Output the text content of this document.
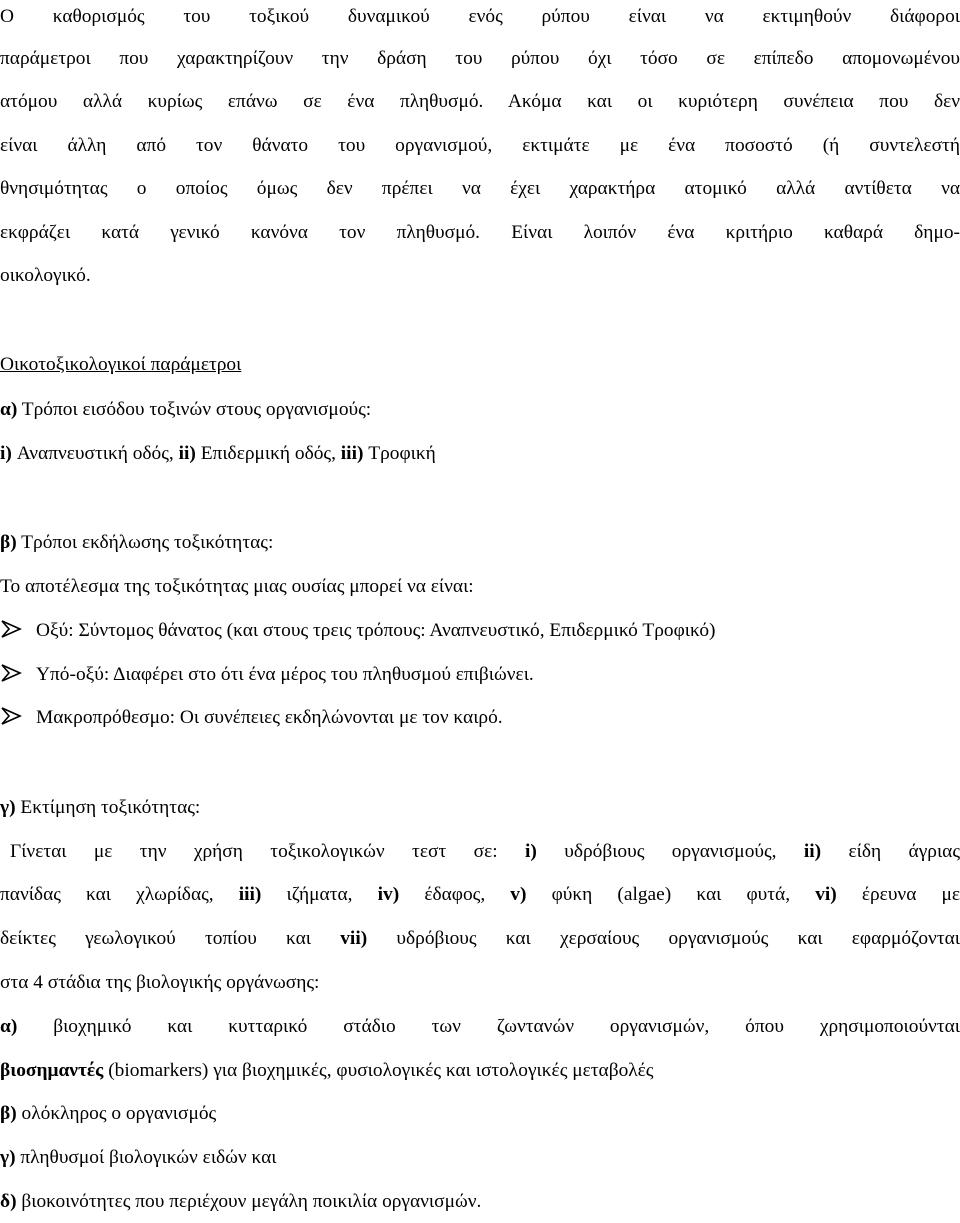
Ο καθορισμός του τοξικού δυναμικού ενός ρύπου είναι να εκτιμηθούν διάφοροι
παράμετροι που χαρακτηρίζουν την δράση του ρύπου όχι τόσο σε επίπεδο απομονωμένου
ατόμου αλλά κυρίως επάνω σε ένα πληθυσμό. Ακόμα και οι κυριότερη συνέπεια που δεν
είναι άλλη από τον θάνατο του οργανισμού, εκτιμάτε με ένα ποσοστό (ή συντελεστή
θνησιμότητας ο οποίος όμως δεν πρέπει να έχει χαρακτήρα ατομικό αλλά αντίθετα να
εκφράζει κατά γενικό κανόνα τον πληθυσμό. Είναι λοιπόν ένα κριτήριο καθαρά δημο-
οικολογικό.
Οικοτοξικολογικοί παράμετροι
α) Τρόποι εισόδου τοξινών στους οργανισμούς:
i) Αναπνευστική οδός, ii) Επιδερμική οδός, iii) Τροφική
β) Τρόποι εκδήλωσης τοξικότητας:
Το αποτέλεσμα της τοξικότητας μιας ουσίας μπορεί να είναι:
Οξύ: Σύντομος θάνατος (και στους τρεις τρόπους: Αναπνευστικό, Επιδερμικό Τροφικό)
Υπό-οξύ: Διαφέρει στο ότι ένα μέρος του πληθυσμού επιβιώνει.
Μακροπρόθεσμο: Οι συνέπειες εκδηλώνονται με τον καιρό.
γ) Εκτίμηση τοξικότητας:
Γίνεται με την χρήση τοξικολογικών τεστ σε: i) υδρόβιους οργανισμούς, ii) είδη άγριας
πανίδας και χλωρίδας, iii) ιζήματα, iv) έδαφος, v) φύκη (algae) και φυτά, vi) έρευνα με
δείκτες γεωλογικού τοπίου και vii) υδρόβιους και χερσαίους οργανισμούς και εφαρμόζονται
στα 4 στάδια της βιολογικής οργάνωσης:
α) βιοχημικό και κυτταρικό στάδιο των ζωντανών οργανισμών, όπου χρησιμοποιούνται
βιοσημαντές (biomarkers) για βιοχημικές, φυσιολογικές και ιστολογικές μεταβολές
β) ολόκληρος ο οργανισμός
γ) πληθυσμοί βιολογικών ειδών και
δ) βιοκοινότητες που περιέχουν μεγάλη ποικιλία οργανισμών.
